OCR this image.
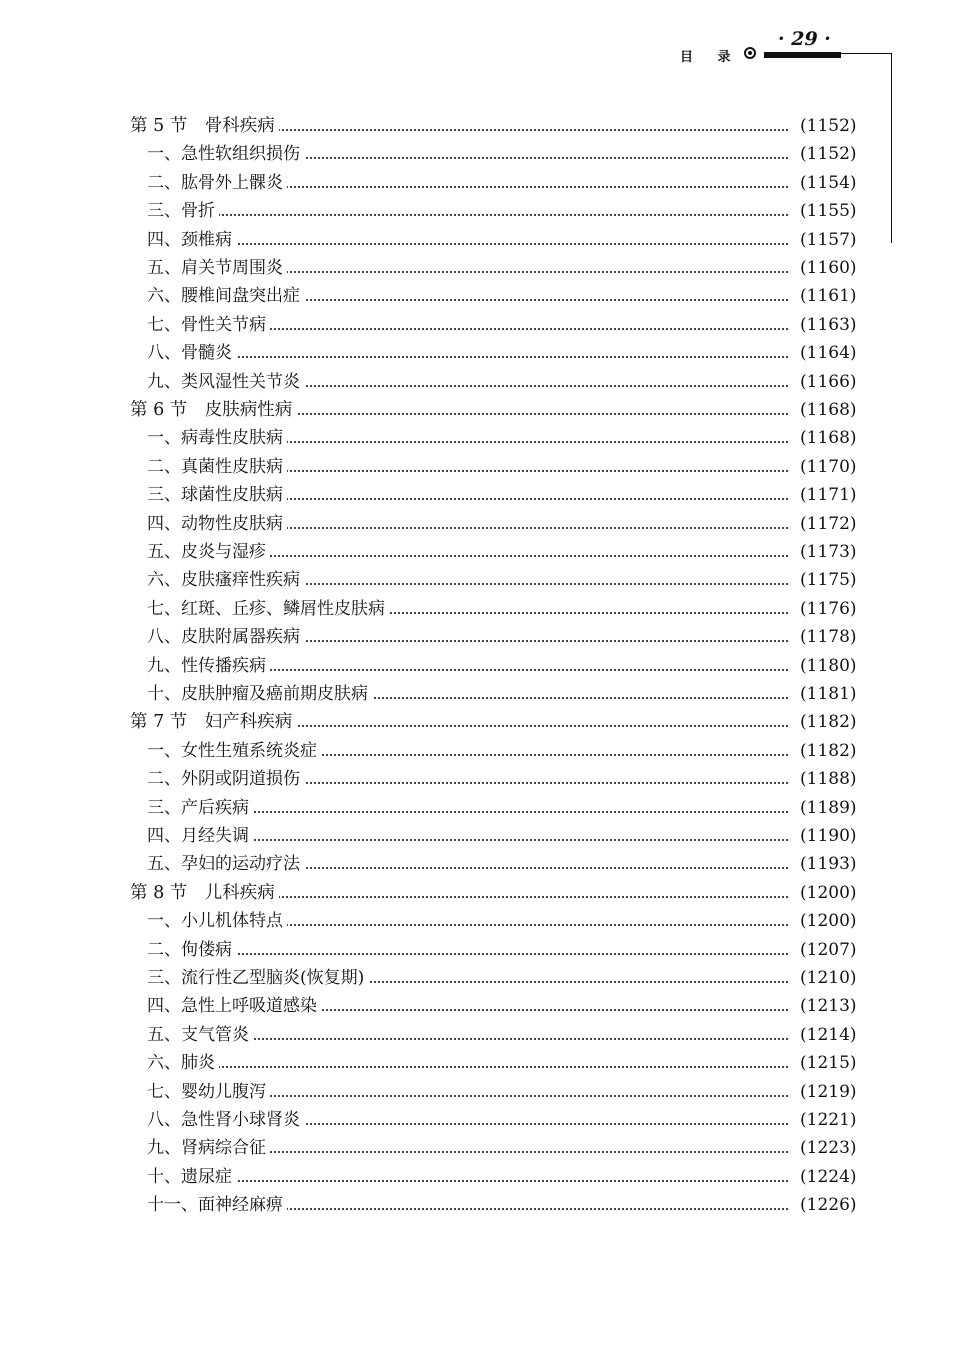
目 录
· 29 ·
第 5 节　骨科疾病	(1152)
一、急性软组织损伤	(1152)
二、肱骨外上髁炎	(1154)
三、骨折	(1155)
四、颈椎病	(1157)
五、肩关节周围炎	(1160)
六、腰椎间盘突出症	(1161)
七、骨性关节病	(1163)
八、骨髓炎	(1164)
九、类风湿性关节炎	(1166)
第 6 节　皮肤病性病	(1168)
一、病毒性皮肤病	(1168)
二、真菌性皮肤病	(1170)
三、球菌性皮肤病	(1171)
四、动物性皮肤病	(1172)
五、皮炎与湿疹	(1173)
六、皮肤瘙痒性疾病	(1175)
七、红斑、丘疹、鳞屑性皮肤病	(1176)
八、皮肤附属器疾病	(1178)
九、性传播疾病	(1180)
十、皮肤肿瘤及癌前期皮肤病	(1181)
第 7 节　妇产科疾病	(1182)
一、女性生殖系统炎症	(1182)
二、外阴或阴道损伤	(1188)
三、产后疾病	(1189)
四、月经失调	(1190)
五、孕妇的运动疗法	(1193)
第 8 节　儿科疾病	(1200)
一、小儿机体特点	(1200)
二、佝偻病	(1207)
三、流行性乙型脑炎(恢复期)	(1210)
四、急性上呼吸道感染	(1213)
五、支气管炎	(1214)
六、肺炎	(1215)
七、婴幼儿腹泻	(1219)
八、急性肾小球肾炎	(1221)
九、肾病综合征	(1223)
十、遗尿症	(1224)
十一、面神经麻痹	(1226)
